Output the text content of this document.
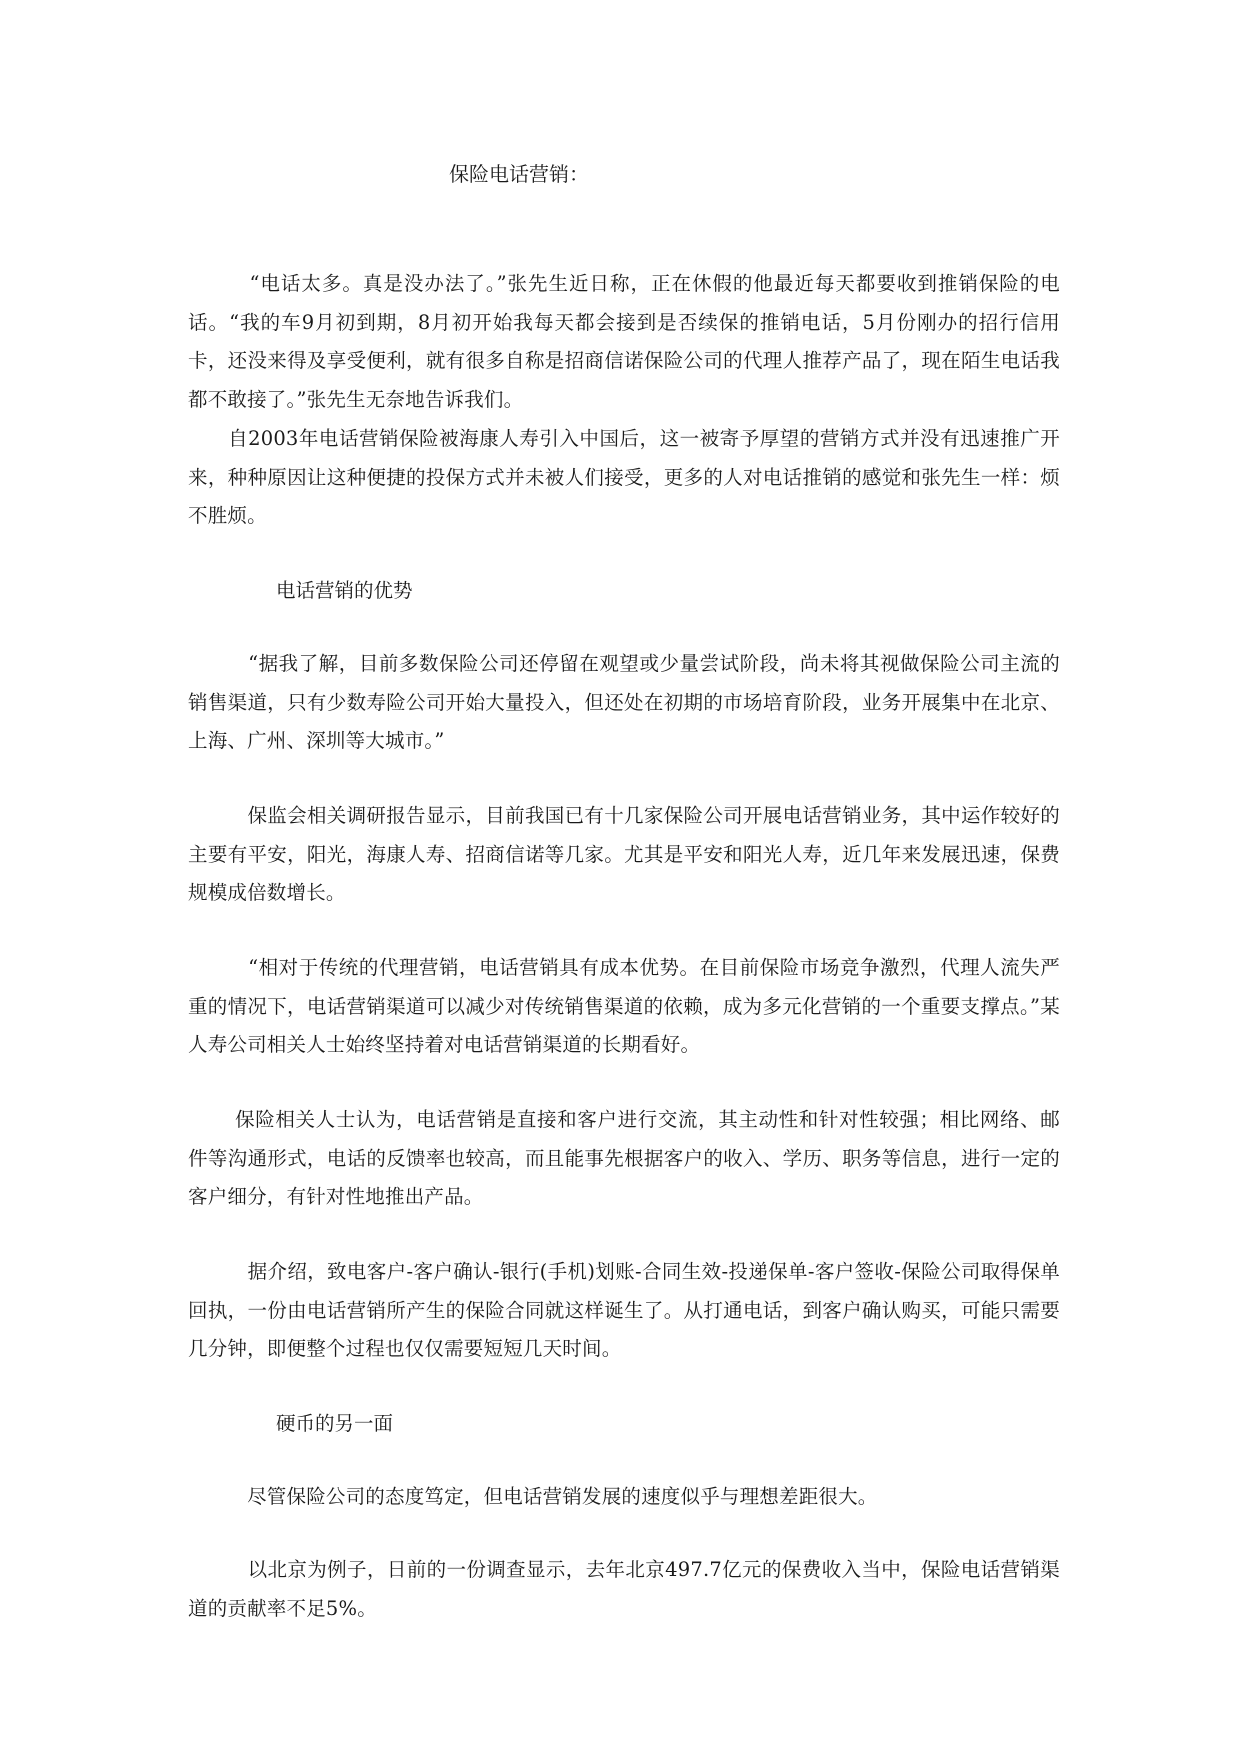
保险电话营销：

　　　“电话太多。真是没办法了。”张先生近日称，正在休假的他最近每天都要收到推销保险的电话。“我的车9月初到期，8月初开始我每天都会接到是否续保的推销电话，5月份刚办的招行信用卡，还没来得及享受便利，就有很多自称是招商信诺保险公司的代理人推荐产品了，现在陌生电话我都不敢接了。”张先生无奈地告诉我们。

　　自2003年电话营销保险被海康人寿引入中国后，这一被寄予厚望的营销方式并没有迅速推广开来，种种原因让这种便捷的投保方式并未被人们接受，更多的人对电话推销的感觉和张先生一样：烦不胜烦。

电话营销的优势

　　　“据我了解，目前多数保险公司还停留在观望或少量尝试阶段，尚未将其视做保险公司主流的销售渠道，只有少数寿险公司开始大量投入，但还处在初期的市场培育阶段，业务开展集中在北京、上海、广州、深圳等大城市。”

　　　保监会相关调研报告显示，目前我国已有十几家保险公司开展电话营销业务，其中运作较好的主要有平安，阳光，海康人寿、招商信诺等几家。尤其是平安和阳光人寿，近几年来发展迅速，保费规模成倍数增长。

　　　“相对于传统的代理营销，电话营销具有成本优势。在目前保险市场竞争激烈，代理人流失严重的情况下，电话营销渠道可以减少对传统销售渠道的依赖，成为多元化营销的一个重要支撑点。”某人寿公司相关人士始终坚持着对电话营销渠道的长期看好。

　　 保险相关人士认为，电话营销是直接和客户进行交流，其主动性和针对性较强；相比网络、邮件等沟通形式，电话的反馈率也较高，而且能事先根据客户的收入、学历、职务等信息，进行一定的客户细分，有针对性地推出产品。

　　　据介绍，致电客户-客户确认-银行(手机)划账-合同生效-投递保单-客户签收-保险公司取得保单回执，一份由电话营销所产生的保险合同就这样诞生了。从打通电话，到客户确认购买，可能只需要几分钟，即便整个过程也仅仅需要短短几天时间。

硬币的另一面

　　　尽管保险公司的态度笃定，但电话营销发展的速度似乎与理想差距很大。

　　　以北京为例子，日前的一份调查显示，去年北京497.7亿元的保费收入当中，保险电话营销渠道的贡献率不足5%。
